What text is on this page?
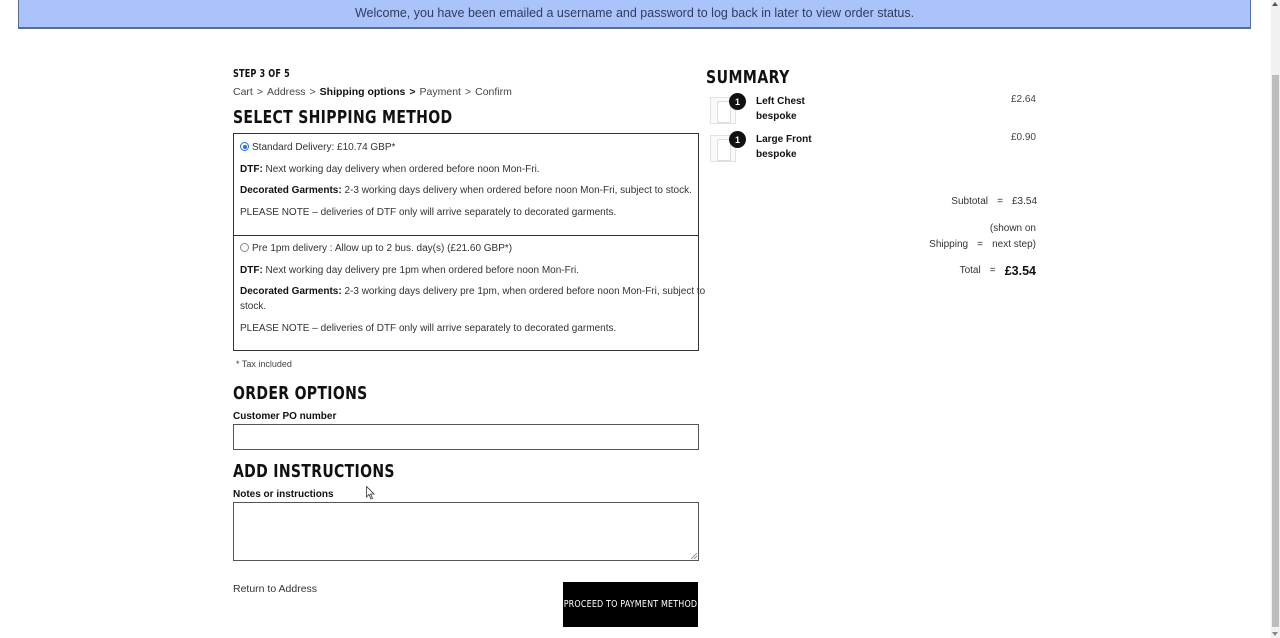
Welcome, you have been emailed a username and password to log back in later to view order status.
STEP 3 OF 5
Cart > Address > Shipping options > Payment > Confirm
SELECT SHIPPING METHOD
Standard Delivery: £10.74 GBP*
DTF: Next working day delivery when ordered before noon Mon-Fri.
Decorated Garments: 2-3 working days delivery when ordered before noon Mon-Fri, subject to stock.
PLEASE NOTE – deliveries of DTF only will arrive separately to decorated garments.
Pre 1pm delivery : Allow up to 2 bus. day(s) (£21.60 GBP*)
DTF: Next working day delivery pre 1pm when ordered before noon Mon-Fri.
Decorated Garments: 2-3 working days delivery pre 1pm, when ordered before noon Mon-Fri, subject to
stock.
PLEASE NOTE – deliveries of DTF only will arrive separately to decorated garments.
* Tax included
ORDER OPTIONS
Customer PO number
ADD INSTRUCTIONS
Notes or instructions
Return to Address
PROCEED TO PAYMENT METHOD
SUMMARY
1	Left Chest
bespoke
£2.64
1	Large Front
bespoke
£0.90
Subtotal = £3.54
(shown on
Shipping = next step)
Total = £3.54
